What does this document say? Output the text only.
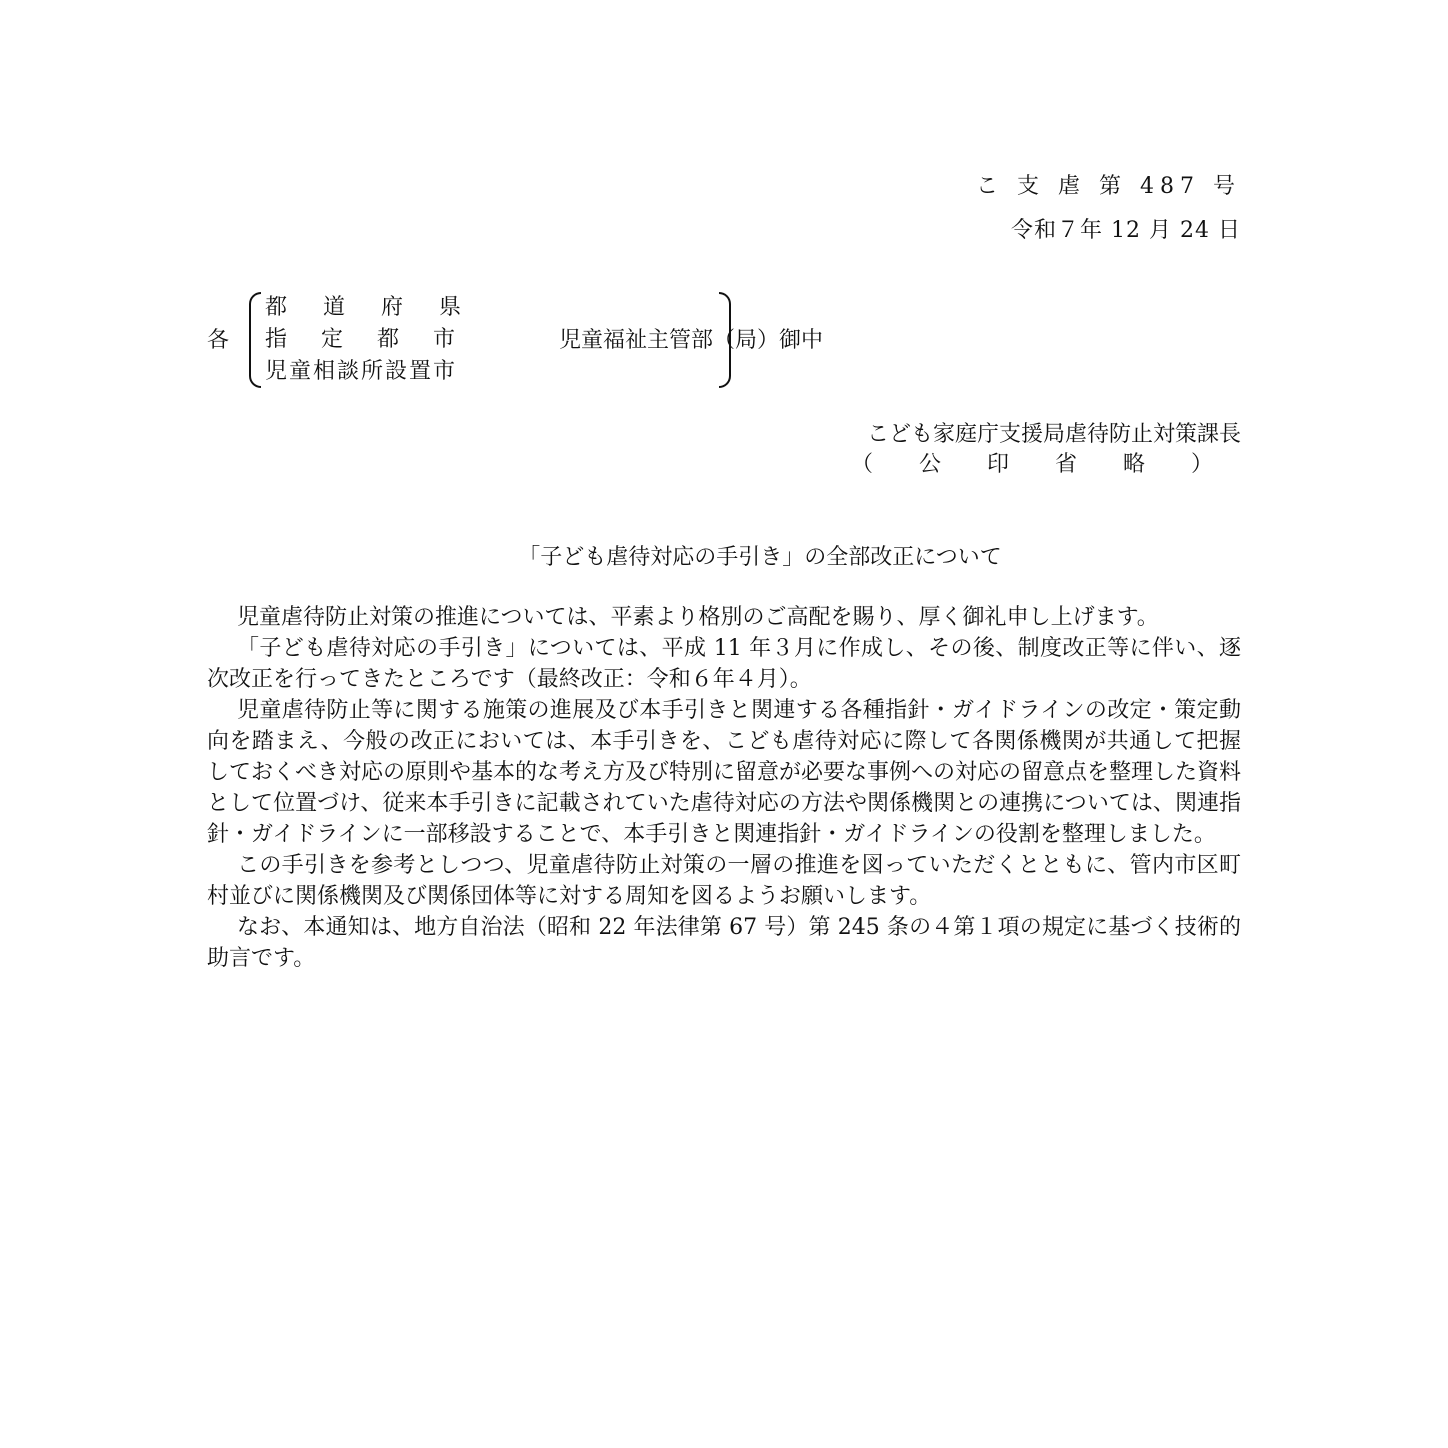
こ 支 虐 第 487 号
令和７年 12 月 24 日
各
都道府県
指定都市
児童相談所設置市
児童福祉主管部（局）御中
こども家庭庁支援局虐待防止対策課長
（公印省略）
「子ども虐待対応の手引き」の全部改正について

児童虐待防止対策の推進については、平素より格別のご高配を賜り、厚く御礼申し上げます。

「子ども虐待対応の手引き」については、平成 11 年３月に作成し、その後、制度改正等に伴い、逐次改正を行ってきたところです（最終改正：令和６年４月）。

児童虐待防止等に関する施策の進展及び本手引きと関連する各種指針・ガイドラインの改定・策定動向を踏まえ、今般の改正においては、本手引きを、こども虐待対応に際して各関係機関が共通して把握しておくべき対応の原則や基本的な考え方及び特別に留意が必要な事例への対応の留意点を整理した資料として位置づけ、従来本手引きに記載されていた虐待対応の方法や関係機関との連携については、関連指針・ガイドラインに一部移設することで、本手引きと関連指針・ガイドラインの役割を整理しました。

この手引きを参考としつつ、児童虐待防止対策の一層の推進を図っていただくとともに、管内市区町村並びに関係機関及び関係団体等に対する周知を図るようお願いします。

なお、本通知は、地方自治法（昭和 22 年法律第 67 号）第 245 条の４第１項の規定に基づく技術的助言です。
